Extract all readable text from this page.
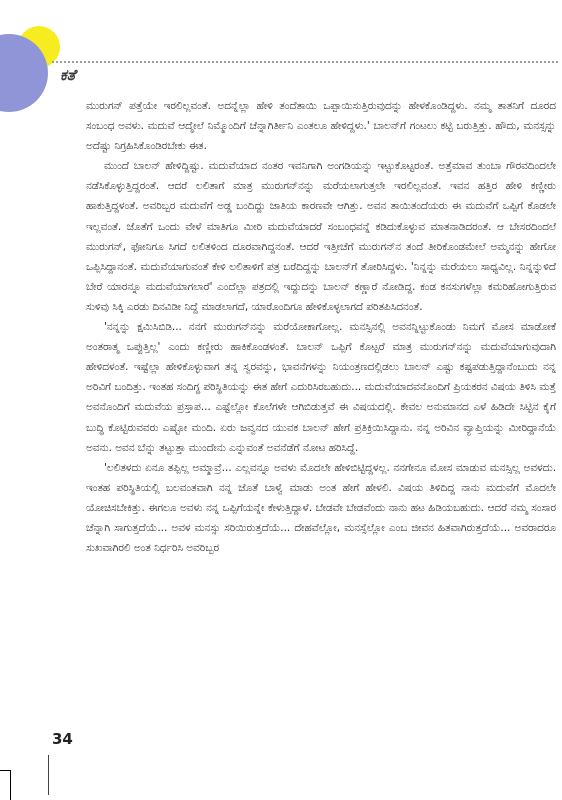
ಕತೆ

ಮುರುಗನ್ ಪತ್ತೆಯೇ ಇರಲಿಲ್ಲವಂತೆ. ಅದನ್ನೆಲ್ಲಾ ಹೇಳಿ ತಂದೆತಾಯಿ ಒಪ್ಪಾಯಿಸುತ್ತಿರುವುದನ್ನು ಹೇಳಕೊಂಡಿದ್ದಳು. ನಮ್ಮ ತಾತನಿಗೆ ದೂರದ ಸಂಬಂಧ ಅವಳು. ಮದುವೆ ಆದ್ಮೇಲೆ ನಿಮ್ಮೊಂದಿಗೆ ಚೆನ್ನಾಗಿರ್ತೀನಿ ಎಂತಲೂ ಹೇಳಿದ್ದಳು.' ಬಾಲನ್‌ಗೆ ಗಂಟಲು ಕಟ್ಟಿ ಬರುತ್ತಿತ್ತು. ಹೌದು, ಮನಸ್ಸನ್ನು ಅದೆಷ್ಟು ನಿಗ್ರಹಿಸಿಕೊಂಡಿರಬೇಕು ಈತ.

ಮುಂದೆ ಬಾಲನ್ ಹೇಳಿದ್ದಿಷ್ಟು. ಮದುವೆಯಾದ ನಂತರ ಇವನಿಗಾಗಿ ಅಂಗಡಿಯನ್ನು ಇಟ್ಟುಕೊಟ್ಟರಂತೆ. ಅತ್ತೆಮಾವ ತುಂಬಾ ಗೌರವದಿಂದಲೇ ನಡೆಸಿಕೊಳ್ಳುತ್ತಿದ್ದರಂತೆ. ಆದರೆ ಲಲಿತಾಗೆ ಮಾತ್ರ ಮುರುಗನ್‌ನನ್ನು ಮರೆಯಲಾಗುತ್ತಲೇ ಇರಲಿಲ್ಲವಂತೆ. ಇವನ ಹತ್ತಿರ ಹೇಳಿ ಕಣ್ಣೀರು ಹಾಕುತ್ತಿದ್ದಳಂತೆ. ಅವರಿಬ್ಬರ ಮದುವೆಗೆ ಅಡ್ಡ ಬಂದಿದ್ದು ಜಾತಿಯ ಕಾರಣವೇ ಆಗಿತ್ತು. ಅವನ ತಾಯಿತಂದೆಯರು ಈ ಮದುವೆಗೆ ಒಪ್ಪಿಗೆ ಕೊಡಲೇ ಇಲ್ಲವಂತೆ. ಜೊತೆಗೆ ಒಂದು ವೇಳೆ ಮಾತಿಗೂ ಮೀರಿ ಮದುವೆಯಾದರೆ ಸಂಬಂಧವನ್ನೆ ಕಡಿದುಕೊಳ್ಳುವ ಮಾತನಾಡಿದರಂತೆ. ಆ ಬೇಸರದಿಂದಲೆ ಮುರುಗನ್, ಫೋನಿಗೂ ಸಿಗದೆ ಲಲಿತಳಿಂದ ದೂರವಾಗಿದ್ದನಂತೆ. ಆದರೆ ಇತ್ತೀಚೆಗೆ ಮುರುಗನ್‌ನ ತಂದೆ ತೀರಿಕೊಂಡಮೇಲೆ ಅಮ್ಮನನ್ನು ಹೇಗೋ ಒಪ್ಪಿಸಿದ್ದಾನಂತೆ. ಮದುವೆಯಾಗುವಂತೆ ಕೇಳಿ ಲಲಿತಾಳಿಗೆ ಪತ್ರ ಬರೆದಿದ್ದನ್ನು ಬಾಲನ್‌ಗೆ ತೋರಿಸಿದ್ದಳು. 'ನಿನ್ನನ್ನು ಮರೆಯಲು ಸಾಧ್ಯವಿಲ್ಲ. ನಿನ್ನನ್ನುಳಿದೆ ಬೇರೆ ಯಾರನ್ನೂ ಮದುವೆಯಾಗಲಾರೆ' ಎಂದೆಲ್ಲಾ ಪತ್ರದಲ್ಲಿ ಇದ್ದುದನ್ನು ಬಾಲನ್ ಕಣ್ಣಾರೆ ನೋಡಿದ್ದ. ಕಂಡ ಕನಸುಗಳೆಲ್ಲಾ ಕಮರಿಹೋಗುತ್ತಿರುವ ಸುಳಿವು ಸಿಕ್ಕಿ ಎರಡು ದಿನವಿಡೀ ನಿದ್ದೆ ಮಾಡಲಾಗದೆ, ಯಾರೊಂದಿಗೂ ಹೇಳಿಕೊಳ್ಳಲಾಗದೆ ಪರಿತಪಿಸಿದನಂತೆ.

'ನನ್ನನ್ನು ಕ್ಷಮಿಸಿಬಿಡಿ... ನನಗೆ ಮುರುಗನ್‌ನನ್ನು ಮರೆಯೋಕಾಗೋಲ್ಲ. ಮನಸ್ಸಿನಲ್ಲಿ ಅವನನ್ನಿಟ್ಟುಕೊಂಡು ನಿಮಗೆ ಮೋಸ ಮಾಡೋಕೆ ಅಂತರಾತ್ಮ ಒಪ್ಪುತ್ತಿಲ್ಲ' ಎಂದು ಕಣ್ಣೀರು ಹಾಕಿಕೊಂಡಳಂತೆ. ಬಾಲನ್ ಒಪ್ಪಿಗೆ ಕೊಟ್ಟರೆ ಮಾತ್ರ ಮುರುಗನ್‌ನನ್ನು ಮದುವೆಯಾಗುವುದಾಗಿ ಹೇಳಿದಳಂತೆ. ಇಷ್ಟೆಲ್ಲಾ ಹೇಳಿಕೊಳ್ಳುವಾಗ ತನ್ನ ಸ್ವರವನ್ನು, ಭಾವನೆಗಳನ್ನು ನಿಯಂತ್ರಣದಲ್ಲಿಡಲು ಬಾಲನ್ ಎಷ್ಟು ಕಷ್ಟಪಡುತ್ತಿದ್ದಾನೆಂಬುದು ನನ್ನ ಅರಿವಿಗೆ ಬಂದಿತ್ತು. ಇಂತಹ ಸಂದಿಗ್ಧ ಪರಿಸ್ಥಿತಿಯನ್ನು ಈತ ಹೇಗೆ ಎದುರಿಸಿರಬಹುದು... ಮದುವೆಯಾದವನೊಂದಿಗೆ ಪ್ರಿಯಕರನ ವಿಷಯ ತಿಳಿಸಿ ಮತ್ತೆ ಅವನೊಂದಿಗೆ ಮದುವೆಯ ಪ್ರಸ್ತಾಪ... ಎಷ್ಟೆಲ್ಲೋ ಕೊಲೆಗಳೇ ಆಗಿಬಿಡುತ್ತವೆ ಈ ವಿಷಯದಲ್ಲಿ. ಕೇವಲ ಅನುಮಾನದ ಎಳೆ ಹಿಡಿದೇ ಸಿಟ್ಟಿನ ಕೈಗೆ ಬುದ್ಧಿ ಕೊಟ್ಟಿರುವವರು ಎಷ್ಟೋ ಮಂದಿ. ಏರು ಜವ್ವನದ ಯುವಕ ಬಾಲನ್ ಹೇಗೆ ಪ್ರತಿಕ್ರಿಯಿಸಿದ್ದಾನು. ನನ್ನ ಅರಿವಿನ ವ್ಯಾಪ್ತಿಯನ್ನು ಮೀರಿದ್ದಾನೆಯೆ ಅವನು. ಅವನ ಬೆನ್ನು ತಟ್ಟುತ್ತಾ ಮುಂದೇನು ಎನ್ನುವಂತೆ ಅವನೆಡೆಗೆ ನೋಟ ಹರಿಸಿದ್ದೆ.

'ಲಲಿತಳದು ಏನೂ ತಪ್ಪಿಲ್ಲ ಅಮ್ಮಾವ್ರೆ... ಎಲ್ಲವನ್ನೂ ಅವಳು ಮೊದಲೇ ಹೇಳಿಬಿಟ್ಟಿದ್ದಳಲ್ಲ. ನನಗೇನೂ ಮೋಸ ಮಾಡುವ ಮನಸ್ಸಿಲ್ಲ ಅವಳದು. ಇಂತಹ ಪರಿಸ್ಥಿತಿಯಲ್ಲಿ ಬಲವಂತವಾಗಿ ನನ್ನ ಜೊತೆ ಬಾಳ್ವೆ ಮಾಡು ಅಂತ ಹೇಗೆ ಹೇಳಲಿ. ವಿಷಯ ತಿಳಿದಿದ್ದ ನಾನು ಮದುವೆಗೆ ಮೊದಲೇ ಯೋಚಿಸಬೇಕಿತ್ತು. ಈಗಲೂ ಅವಳು ನನ್ನ ಒಪ್ಪಿಗೆಯನ್ನೇ ಕೇಳುತ್ತಿದ್ದಾಳೆ. ಬೇಡವೇ ಬೇಡವೆಂದು ನಾನು ಹಟ ಹಿಡಿಯಬಹುದು. ಆದರೆ ನಮ್ಮ ಸಂಸಾರ ಚೆನ್ನಾಗಿ ಸಾಗುತ್ತದೆಯೆ... ಅವಳ ಮನಸ್ಸು ಸರಿಯಿರುತ್ತದೆಯೆ... ದೇಹವೆಲ್ಲೋ, ಮನಸ್ಸೆಲ್ಲೋ ಎಂಬ ಜೀವನ ಹಿತವಾಗಿರುತ್ತದೆಯೆ... ಅವರಾದರೂ ಸುಖವಾಗಿರಲಿ ಅಂತ ನಿರ್ಧರಿಸಿ ಅವರಿಬ್ಬರ

34
